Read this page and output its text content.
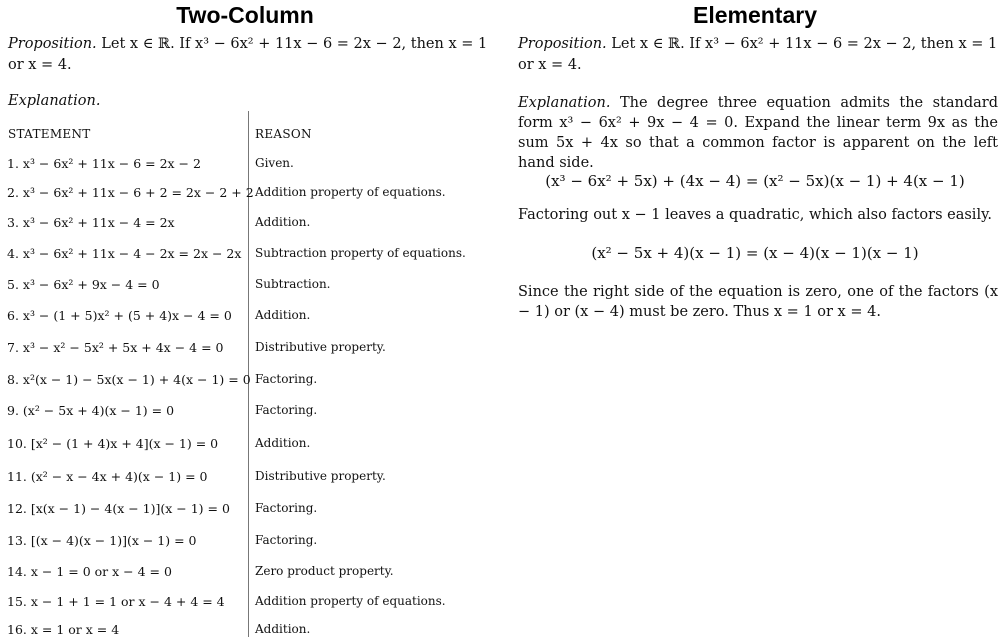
Two-Column	Elementary
Proposition. Let x ∈ ℝ. If x³ − 6x² + 11x − 6 = 2x − 2, then x = 1 or x = 4.
Explanation.
STATEMENT	REASON
1. x³ − 6x² + 11x − 6 = 2x − 2	Given.
2. x³ − 6x² + 11x − 6 + 2 = 2x − 2 + 2 Addition property of equations.
3. x³ − 6x² + 11x − 4 = 2x	Addition.
4. x³ − 6x² + 11x − 4 − 2x = 2x − 2x Subtraction property of equations.
5. x³ − 6x² + 9x − 4 = 0	Subtraction.
6. x³ − (1 + 5)x² + (5 + 4)x − 4 = 0 Addition.
7. x³ − x² − 5x² + 5x + 4x − 4 = 0	Distributive property.
8. x²(x − 1) − 5x(x − 1) + 4(x − 1) = 0 Factoring.
9. (x² − 5x + 4)(x − 1) = 0	Factoring.
10. [x² − (1 + 4)x + 4](x − 1) = 0	Addition.
11. (x² − x − 4x + 4)(x − 1) = 0	Distributive property.
12. [x(x − 1) − 4(x − 1)](x − 1) = 0 Factoring.
13. [(x − 4)(x − 1)](x − 1) = 0	Factoring.
14. x − 1 = 0 or x − 4 = 0	Zero product property.
15. x − 1 + 1 = 1 or x − 4 + 4 = 4	Addition property of equations.
16. x = 1 or x = 4	Addition.
Proposition. Let x ∈ ℝ. If x³ − 6x² + 11x − 6 = 2x − 2, then x = 1 or x = 4.
Explanation. The degree three equation admits the standard form x³ − 6x² + 9x − 4 = 0. Expand the linear term 9x as the sum 5x + 4x so that a common factor is apparent on the left hand side.
(x³ − 6x² + 5x) + (4x − 4) = (x² − 5x)(x − 1) + 4(x − 1)
Factoring out x − 1 leaves a quadratic, which also factors easily.
(x² − 5x + 4)(x − 1) = (x − 4)(x − 1)(x − 1)
Since the right side of the equation is zero, one of the factors (x − 1) or (x − 4) must be zero. Thus x = 1 or x = 4.
